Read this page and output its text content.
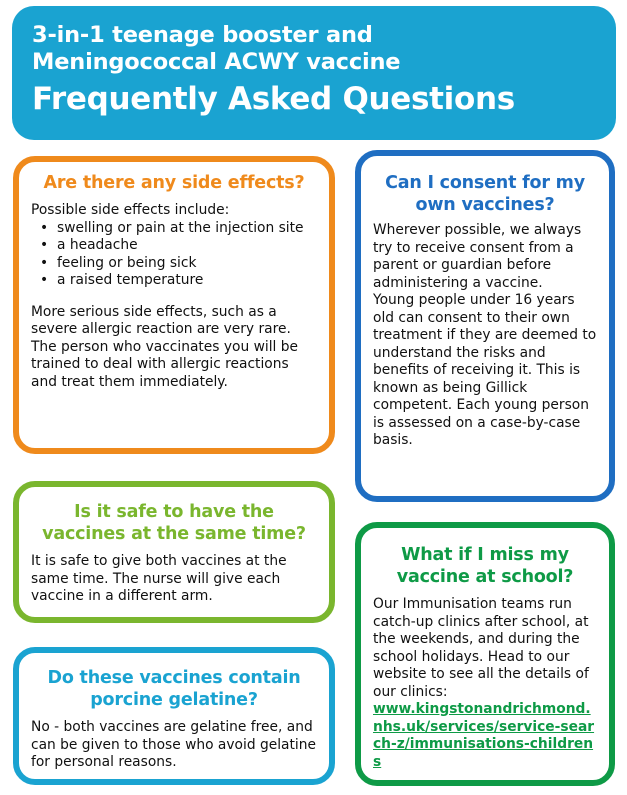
3-in-1 teenage booster and
Meningococcal ACWY vaccine
Frequently Asked Questions
Are there any side effects?

Possible side effects include:

• swelling or pain at the injection site
• a headache
• feeling or being sick
• a raised temperature

More serious side effects, such as a severe allergic reaction are very rare. The person who vaccinates you will be trained to deal with allergic reactions and treat them immediately.

Can I consent for my own vaccines?

Wherever possible, we always try to receive consent from a parent or guardian before administering a vaccine.

Young people under 16 years old can consent to their own treatment if they are deemed to understand the risks and benefits of receiving it. This is known as being Gillick competent. Each young person is assessed on a case-by-case basis.

Is it safe to have the vaccines at the same time?

It is safe to give both vaccines at the same time. The nurse will give each vaccine in a different arm.

Do these vaccines contain porcine gelatine?

No - both vaccines are gelatine free, and can be given to those who avoid gelatine for personal reasons.

What if I miss my vaccine at school?

Our Immunisation teams run catch-up clinics after school, at the weekends, and during the school holidays. Head to our website to see all the details of our clinics:

www.kingstonandrichmond.nhs.uk/services/service-search-z/immunisations-childrens
